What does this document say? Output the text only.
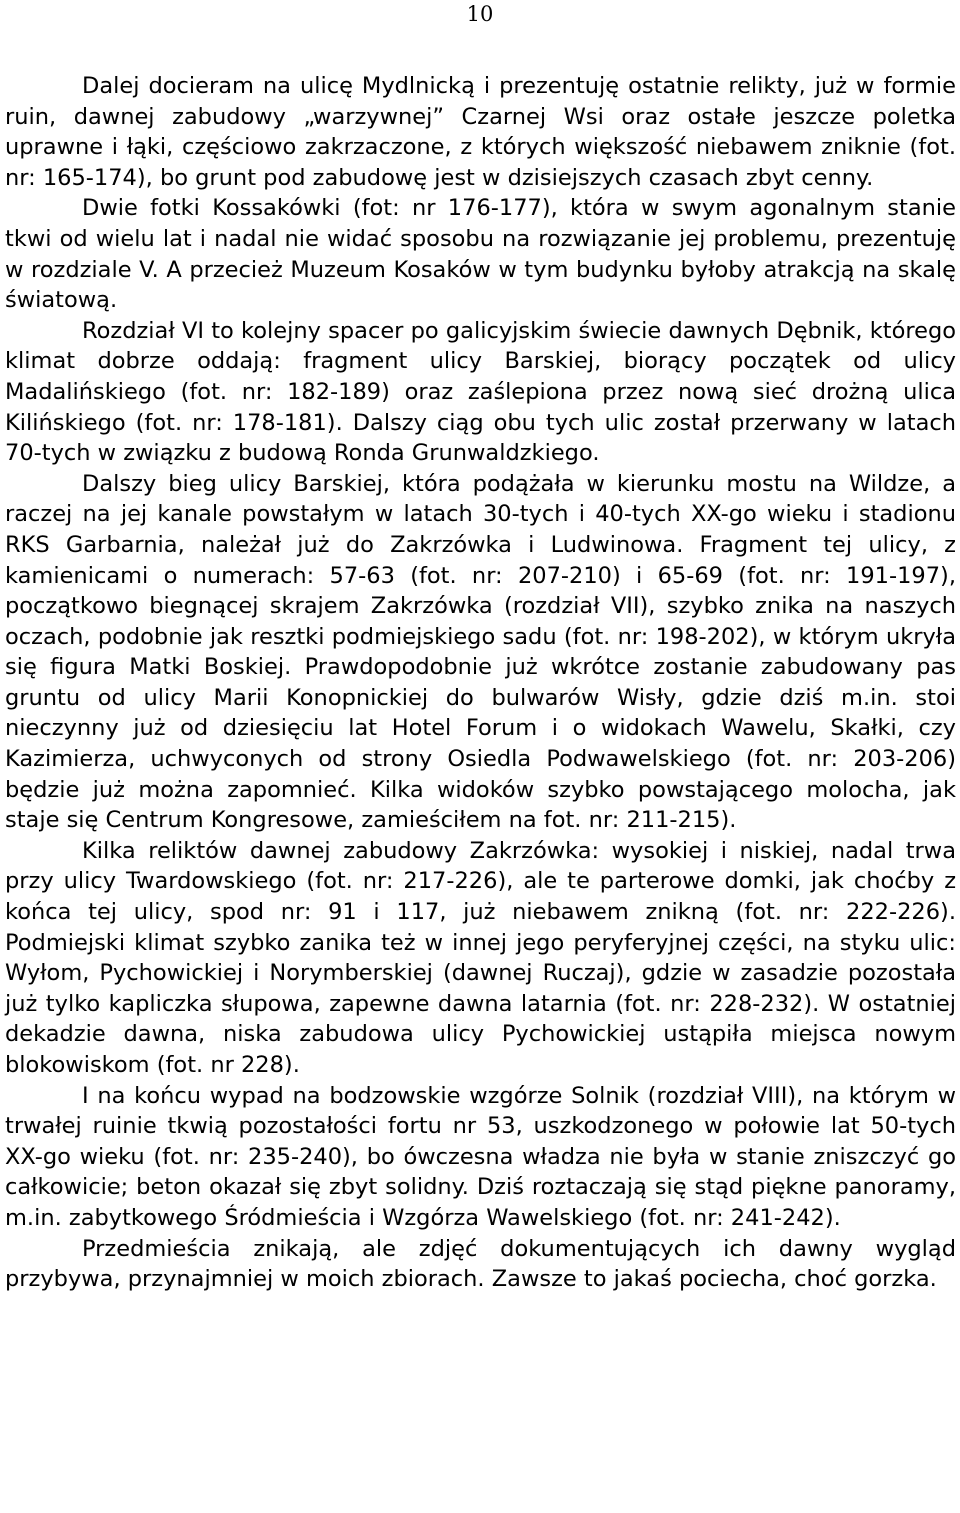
10

Dalej docieram na ulicę Mydlnicką i prezentuję ostatnie relikty, już w formie ruin, dawnej zabudowy „warzywnej” Czarnej Wsi oraz ostałe jeszcze poletka uprawne i łąki, częściowo zakrzaczone, z których większość niebawem zniknie (fot. nr: 165-174), bo grunt pod zabudowę jest w dzisiejszych czasach zbyt cenny.

Dwie fotki Kossakówki (fot: nr 176-177), która w swym agonalnym stanie tkwi od wielu lat i nadal nie widać sposobu na rozwiązanie jej problemu, prezentuję w rozdziale V. A przecież Muzeum Kosaków w tym budynku byłoby atrakcją na skalę światową.

Rozdział VI to kolejny spacer po galicyjskim świecie dawnych Dębnik, którego klimat dobrze oddają: fragment ulicy Barskiej, biorący początek od ulicy Madalińskiego (fot. nr: 182-189) oraz zaślepiona przez nową sieć drożną ulica Kilińskiego (fot. nr: 178-181). Dalszy ciąg obu tych ulic został przerwany w latach 70-tych w związku z budową Ronda Grunwaldzkiego.

Dalszy bieg ulicy Barskiej, która podążała w kierunku mostu na Wildze, a raczej na jej kanale powstałym w latach 30-tych i 40-tych XX-go wieku i stadionu RKS Garbarnia, należał już do Zakrzówka i Ludwinowa. Fragment tej ulicy, z kamienicami o numerach: 57-63 (fot. nr: 207-210) i 65-69 (fot. nr: 191-197), początkowo biegnącej skrajem Zakrzówka (rozdział VII), szybko znika na naszych oczach, podobnie jak resztki podmiejskiego sadu (fot. nr: 198-202), w którym ukryła się figura Matki Boskiej. Prawdopodobnie już wkrótce zostanie zabudowany pas gruntu od ulicy Marii Konopnickiej do bulwarów Wisły, gdzie dziś m.in. stoi nieczynny już od dziesięciu lat Hotel Forum i o widokach Wawelu, Skałki, czy Kazimierza, uchwyconych od strony Osiedla Podwawelskiego (fot. nr: 203-206) będzie już można zapomnieć. Kilka widoków szybko powstającego molocha, jak staje się Centrum Kongresowe, zamieściłem na fot. nr: 211-215).

Kilka reliktów dawnej zabudowy Zakrzówka: wysokiej i niskiej, nadal trwa przy ulicy Twardowskiego (fot. nr: 217-226), ale te parterowe domki, jak choćby z końca tej ulicy, spod nr: 91 i 117, już niebawem znikną (fot. nr: 222-226). Podmiejski klimat szybko zanika też w innej jego peryferyjnej części, na styku ulic: Wyłom, Pychowickiej i Norymberskiej (dawnej Ruczaj), gdzie w zasadzie pozostała już tylko kapliczka słupowa, zapewne dawna latarnia (fot. nr: 228-232). W ostatniej dekadzie dawna, niska zabudowa ulicy Pychowickiej ustąpiła miejsca nowym blokowiskom (fot. nr 228).

I na końcu wypad na bodzowskie wzgórze Solnik (rozdział VIII), na którym w trwałej ruinie tkwią pozostałości fortu nr 53, uszkodzonego w połowie lat 50-tych XX-go wieku (fot. nr: 235-240), bo ówczesna władza nie była w stanie zniszczyć go całkowicie; beton okazał się zbyt solidny. Dziś roztaczają się stąd piękne panoramy, m.in. zabytkowego Śródmieścia i Wzgórza Wawelskiego (fot. nr: 241-242).

Przedmieścia znikają, ale zdjęć dokumentujących ich dawny wygląd przybywa, przynajmniej w moich zbiorach. Zawsze to jakaś pociecha, choć gorzka.
